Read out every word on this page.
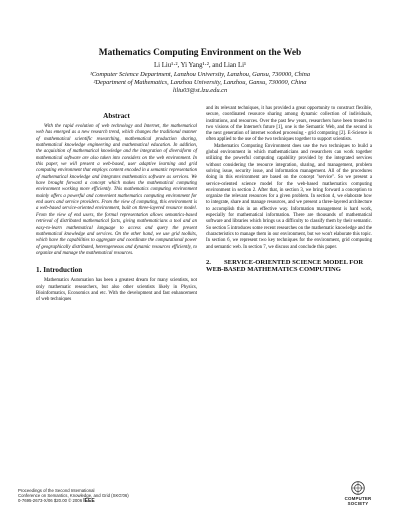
Mathematics Computing Environment on the Web
Li Liu¹·², Yi Yang¹·², and Lian Li¹
¹Computer Science Department, Lanzhou University, Lanzhou, Gansu, 730000, China
²Department of Mathematics, Lanzhou University, Lanzhou, Gansu, 730000, China
liliu03@st.lzu.edu.cn
Abstract

With the rapid evolution of web technology and Internet, the mathematical web has emerged as a new research trend, which changes the traditional manner of mathematical scientific researching, mathematical production sharing, mathematical knowledge engineering and mathematical education. In addition, the acquisition of mathematical knowledge and the integration of diversiform of mathematical software are also taken into considers on the web environment. In this paper, we will present a web-based, user adaptive learning and grid computing environment that employs content encoded in a semantic representation of mathematical knowledge and integrates mathematics software as services. We have brought forward a concept which makes the mathematical computing environment working more efficiently. This mathematics computing environment mainly offers a powerful and convenient mathematics computing environment for end users and service providers. From the view of computing, this environment is a web-based service-oriented environment, built on three-layered resource model. From the view of end users, the formal representation allows semantics-based retrieval of distributed mathematical facts, giving mathematicians a tool and an easy-to-learn mathematical language to access and query the present mathematical knowledge and services. On the other hand, we use grid toolkits, which have the capabilities to aggregate and coordinate the computational power of geographically distributed, heterogeneous and dynamic resources efficiently, to organize and manage the mathematical resources.

1. Introduction

Mathematics Automation has been a greatest dream for many scientists, not only mathematic researchers, but also other scientists likely in Physics, Bioinformatics, Economics and etc. With the development and fast enhancement of web techniques

and its relevant techniques, it has provided a great opportunity to construct flexible, secure, coordinated resource sharing among dynamic collection of individuals, institutions, and resources. Over the past few years, researchers have been treated to two visions of the Internet's future [1], one is the Semantic Web, and the second is the next generation of internet worked processing - grid computing [2]. E-Science is often applied to the use of the two techniques together to support scientists.

Mathematics Computing Environment does use the two techniques to build a global environment in which mathematicians and researchers can work together utilizing the powerful computing capability provided by the integrated services without considering the resource integration, sharing, and management, problem solving issue, security issue, and information management. All of the procedures doing in this environment are based on the concept "service". So we present a service-oriented science model for the web-based mathematics computing environment in section 2. After that, in section 3, we bring forward a conception to organize the relevant resources for a given problem. In section 4, we elaborate how to integrate, share and manage resources, and we present a three-layered architecture to accomplish this in an effective way. Information management is hard work, especially for mathematical information. There are thousands of mathematical software and libraries which brings us a difficulty to classify them by their semantic. So section 5 introduces some recent researches on the mathematic knowledge and the characteristics to manage them in our environment, but we won't elaborate this topic. In section 6, we represent two key techniques for the environment, grid computing and semantic web. In section 7, we discuss and conclude this paper.

2. SERVICE-ORIENTED SCIENCE MODEL FOR WEB-BASED MATHEMATICS COMPUTING
Proceedings of the Second International
Conference on Semantics, Knowledge, and Grid (SKG'06)
0-7695-2673-X/06 $20.00 © 2006 IEEE	COMPUTER
SOCIETY
